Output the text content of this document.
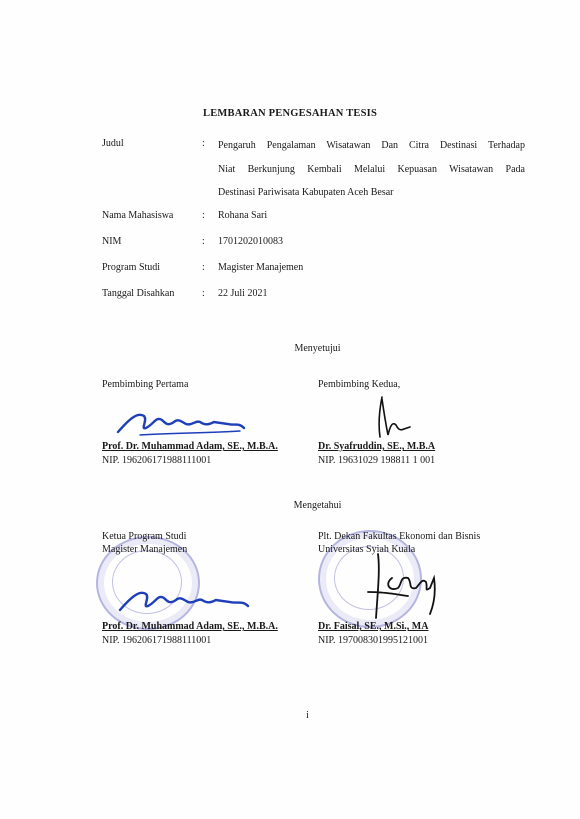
LEMBARAN PENGESAHAN TESIS
Judul	: Pengaruh Pengalaman Wisatawan Dan Citra Destinasi Terhadap
Niat Berkunjung Kembali Melalui Kepuasan Wisatawan Pada
Destinasi Pariwisata Kabupaten Aceh Besar
Nama Mahasiswa	: Rohana Sari
NIM	: 1701202010083
Program Studi	: Magister Manajemen
Tanggal Disahkan	: 22 Juli 2021
Menyetujui
Pembimbing Pertama	Pembimbing Kedua,
Prof. Dr. Muhammad Adam, SE., M.B.A.
NIP. 196206171988111001
Dr. Syafruddin, SE., M.B.A
NIP. 19631029 198811 1 001
Mengetahui
Ketua Program Studi
Magister Manajemen
Plt. Dekan Fakultas Ekonomi dan Bisnis
Universitas Syiah Kuala
Prof. Dr. Muhammad Adam, SE., M.B.A.
NIP. 196206171988111001
Dr. Faisal, SE., M.Si., MA
NIP. 197008301995121001
i
